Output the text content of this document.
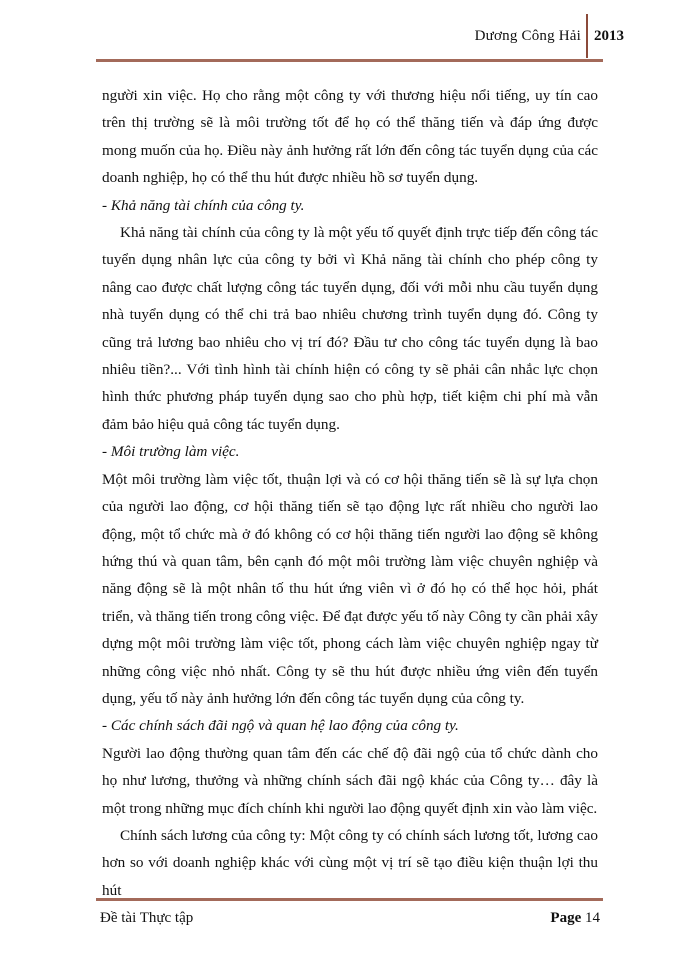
Dương Công Hải 2013

người xin việc. Họ cho rằng một công ty với thương hiệu nổi tiếng, uy tín cao trên thị trường sẽ là môi trường tốt để họ có thể thăng tiến và đáp ứng được mong muốn của họ. Điều này ảnh hưởng rất lớn đến công tác tuyển dụng của các doanh nghiệp, họ có thể thu hút được nhiều hồ sơ tuyển dụng.

- Khả năng tài chính của công ty.

Khả năng tài chính của công ty là một yếu tố quyết định trực tiếp đến công tác tuyển dụng nhân lực của công ty bởi vì Khả năng tài chính cho phép công ty nâng cao được chất lượng công tác tuyển dụng, đối với mỗi nhu cầu tuyển dụng nhà tuyển dụng có thể chi trả bao nhiêu chương trình tuyển dụng đó. Công ty cũng trả lương bao nhiêu cho vị trí đó? Đầu tư cho công tác tuyển dụng là bao nhiêu tiền?... Với tình hình tài chính hiện có công ty sẽ phải cân nhắc lực chọn hình thức phương pháp tuyển dụng sao cho phù hợp, tiết kiệm chi phí mà vẫn đảm bảo hiệu quả công tác tuyển dụng.

- Môi trường làm việc.

Một môi trường làm việc tốt, thuận lợi và có cơ hội thăng tiến sẽ là sự lựa chọn của người lao động, cơ hội thăng tiến sẽ tạo động lực rất nhiều cho người lao động, một tổ chức mà ở đó không có cơ hội thăng tiến người lao động sẽ không hứng thú và quan tâm, bên cạnh đó một môi trường làm việc chuyên nghiệp và năng động sẽ là một nhân tố thu hút ứng viên vì ở đó họ có thể học hỏi, phát triển, và thăng tiến trong công việc. Để đạt được yếu tố này Công ty cần phải xây dựng một môi trường làm việc tốt, phong cách làm việc chuyên nghiệp ngay từ những công việc nhỏ nhất. Công ty sẽ thu hút được nhiều ứng viên đến tuyển dụng, yếu tố này ảnh hưởng lớn đến công tác tuyển dụng của công ty.

- Các chính sách đãi ngộ và quan hệ lao động của công ty.

Người lao động thường quan tâm đến các chế độ đãi ngộ của tổ chức dành cho họ như lương, thưởng và những chính sách đãi ngộ khác của Công ty… đây là một trong những mục đích chính khi người lao động quyết định xin vào làm việc.

Chính sách lương của công ty: Một công ty có chính sách lương tốt, lương cao hơn so với doanh nghiệp khác với cùng một vị trí sẽ tạo điều kiện thuận lợi thu hút

Đề tài Thực tập	Page 14
